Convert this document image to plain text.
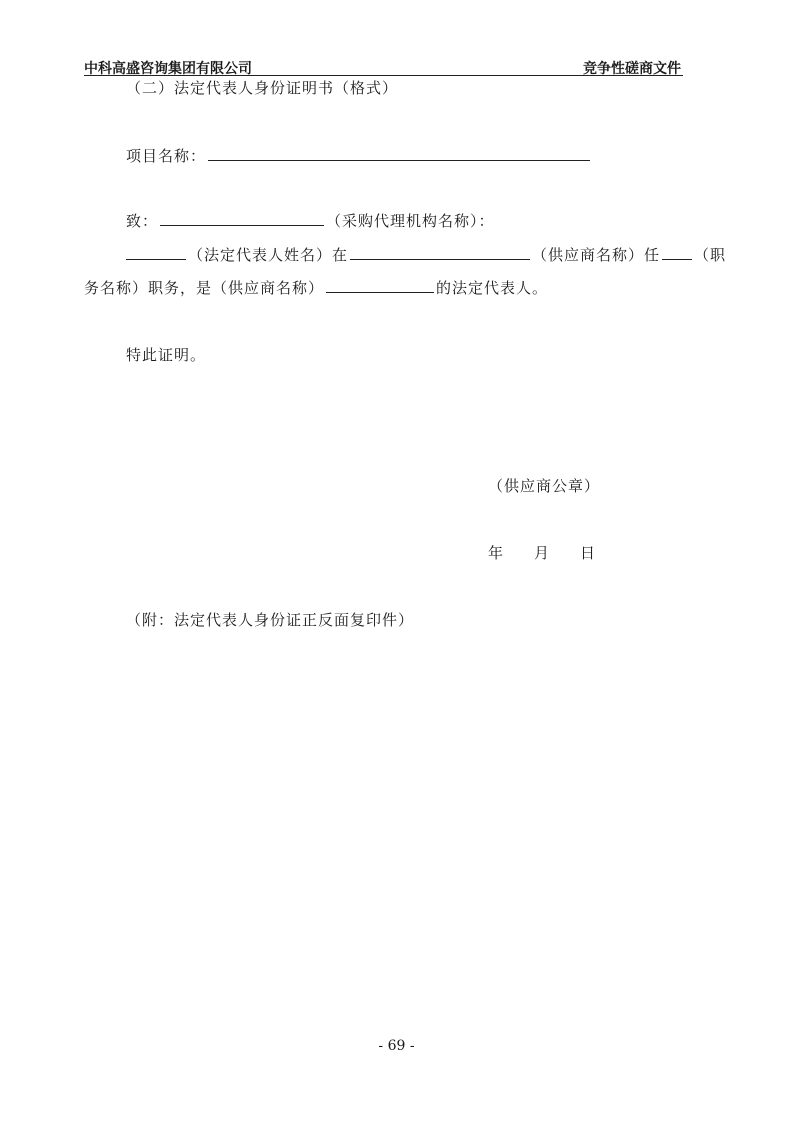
中科高盛咨询集团有限公司	竞争性磋商文件
（二）法定代表人身份证明书（格式）
项目名称：
致：	（采购代理机构名称）：
（法定代表人姓名）在	（供应商名称）任 （职
务名称）职务，是（供应商名称）	的法定代表人。
特此证明。
（供应商公章）
年 月 日
（附：法定代表人身份证正反面复印件）
- 69 -
